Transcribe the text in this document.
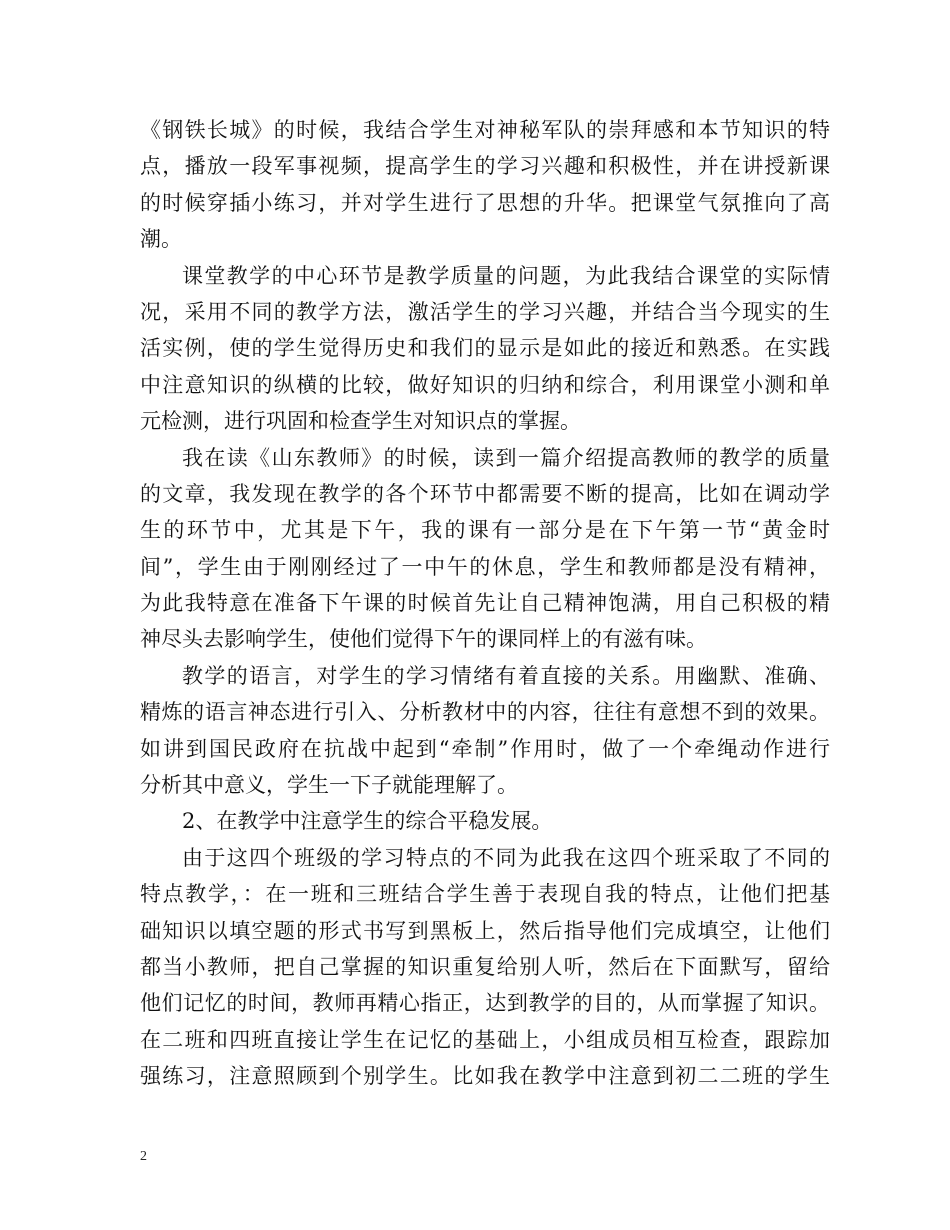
《钢铁长城》的时候，我结合学生对神秘军队的崇拜感和本节知识的特
点，播放一段军事视频，提高学生的学习兴趣和积极性，并在讲授新课
的时候穿插小练习，并对学生进行了思想的升华。把课堂气氛推向了高
潮。
课堂教学的中心环节是教学质量的问题，为此我结合课堂的实际情
况，采用不同的教学方法，激活学生的学习兴趣，并结合当今现实的生
活实例，使的学生觉得历史和我们的显示是如此的接近和熟悉。在实践
中注意知识的纵横的比较，做好知识的归纳和综合，利用课堂小测和单
元检测，进行巩固和检查学生对知识点的掌握。
我在读《山东教师》的时候，读到一篇介绍提高教师的教学的质量
的文章，我发现在教学的各个环节中都需要不断的提高，比如在调动学
生的环节中，尤其是下午，我的课有一部分是在下午第一节“黄金时
间”，学生由于刚刚经过了一中午的休息，学生和教师都是没有精神，
为此我特意在准备下午课的时候首先让自己精神饱满，用自己积极的精
神尽头去影响学生，使他们觉得下午的课同样上的有滋有味。
教学的语言，对学生的学习情绪有着直接的关系。用幽默、准确、
精炼的语言神态进行引入、分析教材中的内容，往往有意想不到的效果。
如讲到国民政府在抗战中起到“牵制”作用时，做了一个牵绳动作进行
分析其中意义，学生一下子就能理解了。
2、在教学中注意学生的综合平稳发展。
由于这四个班级的学习特点的不同为此我在这四个班采取了不同的
特点教学，：在一班和三班结合学生善于表现自我的特点，让他们把基
础知识以填空题的形式书写到黑板上，然后指导他们完成填空，让他们
都当小教师，把自己掌握的知识重复给别人听，然后在下面默写，留给
他们记忆的时间，教师再精心指正，达到教学的目的，从而掌握了知识。
在二班和四班直接让学生在记忆的基础上，小组成员相互检查，跟踪加
强练习，注意照顾到个别学生。比如我在教学中注意到初二二班的学生
2
